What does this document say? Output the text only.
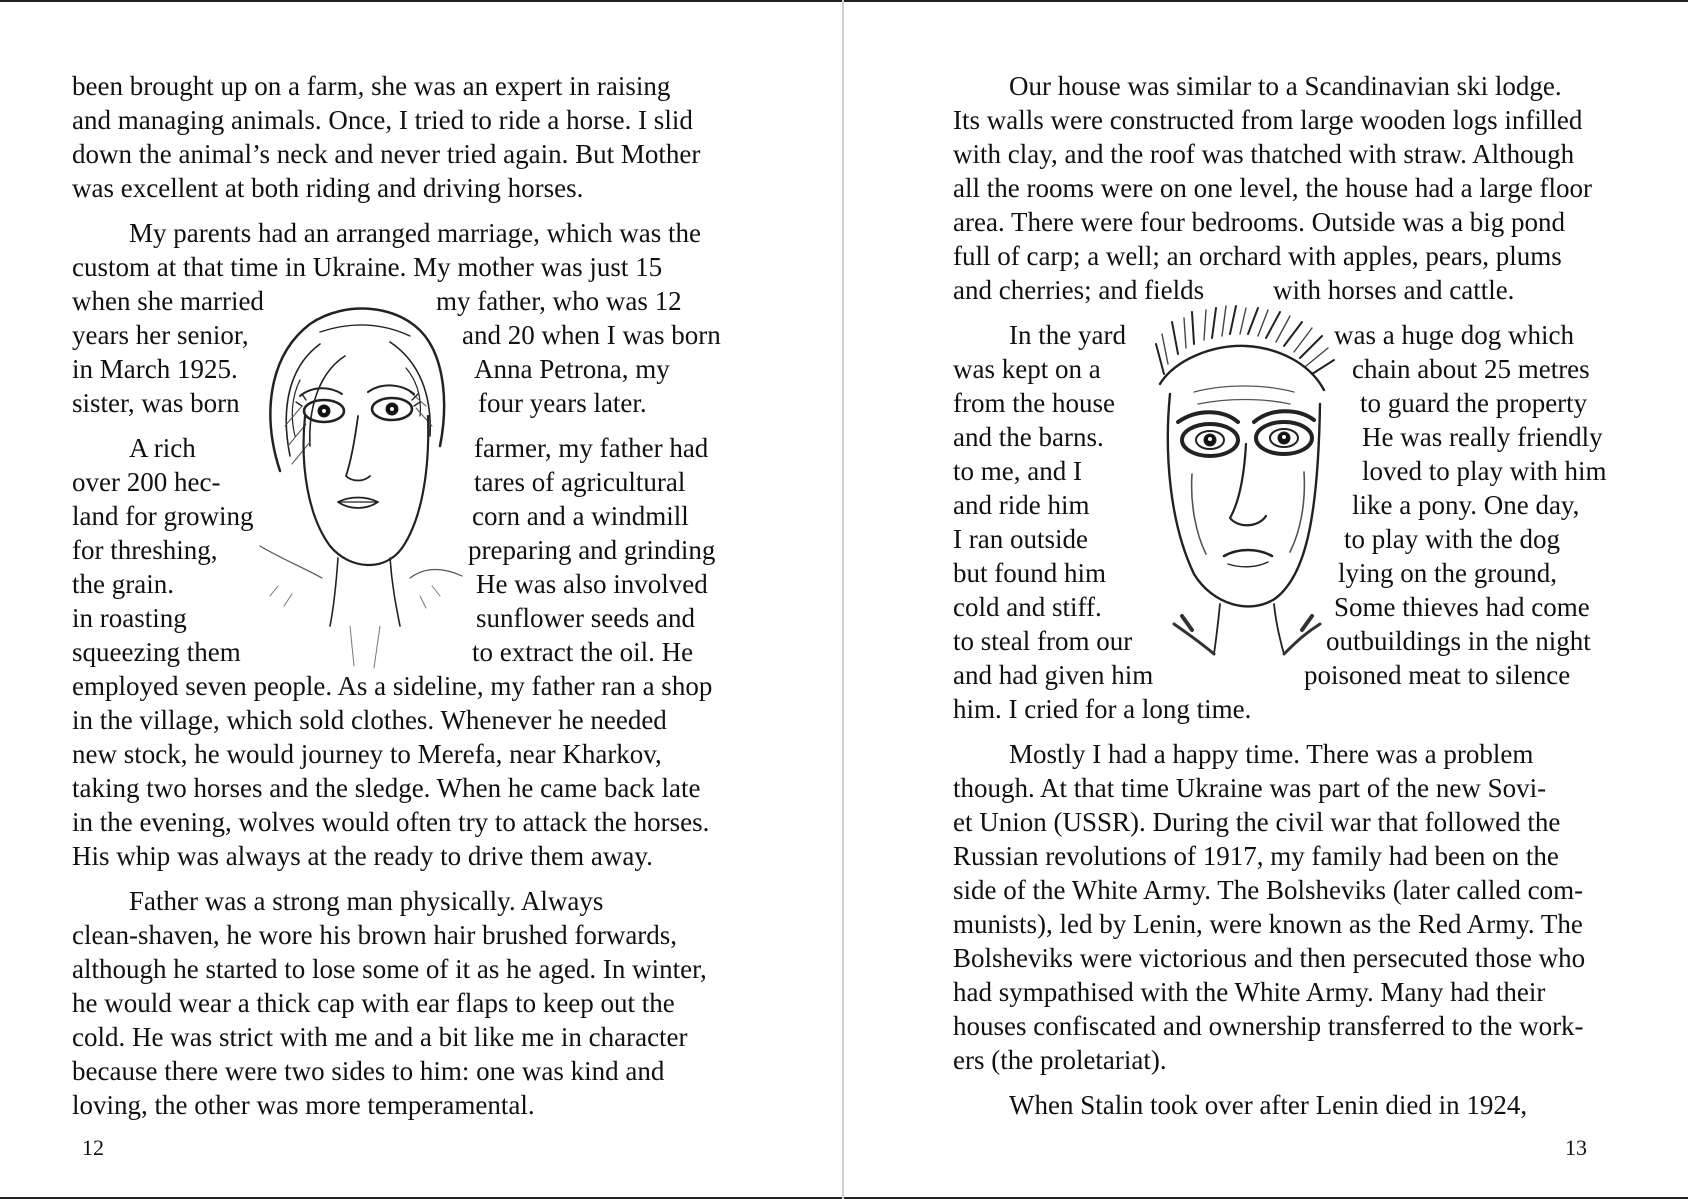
been brought up on a farm, she was an expert in raising
and managing animals. Once, I tried to ride a horse. I slid
down the animal’s neck and never tried again. But Mother
was excellent at both riding and driving horses.
My parents had an arranged marriage, which was the
custom at that time in Ukraine. My mother was just 15
when she married	my father, who was 12
years her senior,	and 20 when I was born
in March 1925.	Anna Petrona, my
sister, was born	four years later.
A rich	farmer, my father had
over 200 hec-	tares of agricultural
land for growing	corn and a windmill
for threshing,	preparing and grinding
the grain.	He was also involved
in roasting	sunflower seeds and
squeezing them	to extract the oil. He
employed seven people. As a sideline, my father ran a shop
in the village, which sold clothes. Whenever he needed
new stock, he would journey to Merefa, near Kharkov,
taking two horses and the sledge. When he came back late
in the evening, wolves would often try to attack the horses.
His whip was always at the ready to drive them away.
Father was a strong man physically. Always
clean-shaven, he wore his brown hair brushed forwards,
although he started to lose some of it as he aged. In winter,
he would wear a thick cap with ear flaps to keep out the
cold. He was strict with me and a bit like me in character
because there were two sides to him: one was kind and
loving, the other was more temperamental.
12
Our house was similar to a Scandinavian ski lodge.
Its walls were constructed from large wooden logs infilled
with clay, and the roof was thatched with straw. Although
all the rooms were on one level, the house had a large floor
area. There were four bedrooms. Outside was a big pond
full of carp; a well; an orchard with apples, pears, plums
and cherries; and fields	with horses and cattle.
In the yard	was a huge dog which
was kept on a	chain about 25 metres
from the house	to guard the property
and the barns.	He was really friendly
to me, and I	loved to play with him
and ride him	like a pony. One day,
I ran outside	to play with the dog
but found him	lying on the ground,
cold and stiff.	Some thieves had come
to steal from our	outbuildings in the night
and had given him	poisoned meat to silence
him. I cried for a long time.
Mostly I had a happy time. There was a problem
though. At that time Ukraine was part of the new Sovi-
et Union (USSR). During the civil war that followed the
Russian revolutions of 1917, my family had been on the
side of the White Army. The Bolsheviks (later called com-
munists), led by Lenin, were known as the Red Army. The
Bolsheviks were victorious and then persecuted those who
had sympathised with the White Army. Many had their
houses confiscated and ownership transferred to the work-
ers (the proletariat).
When Stalin took over after Lenin died in 1924,
13
